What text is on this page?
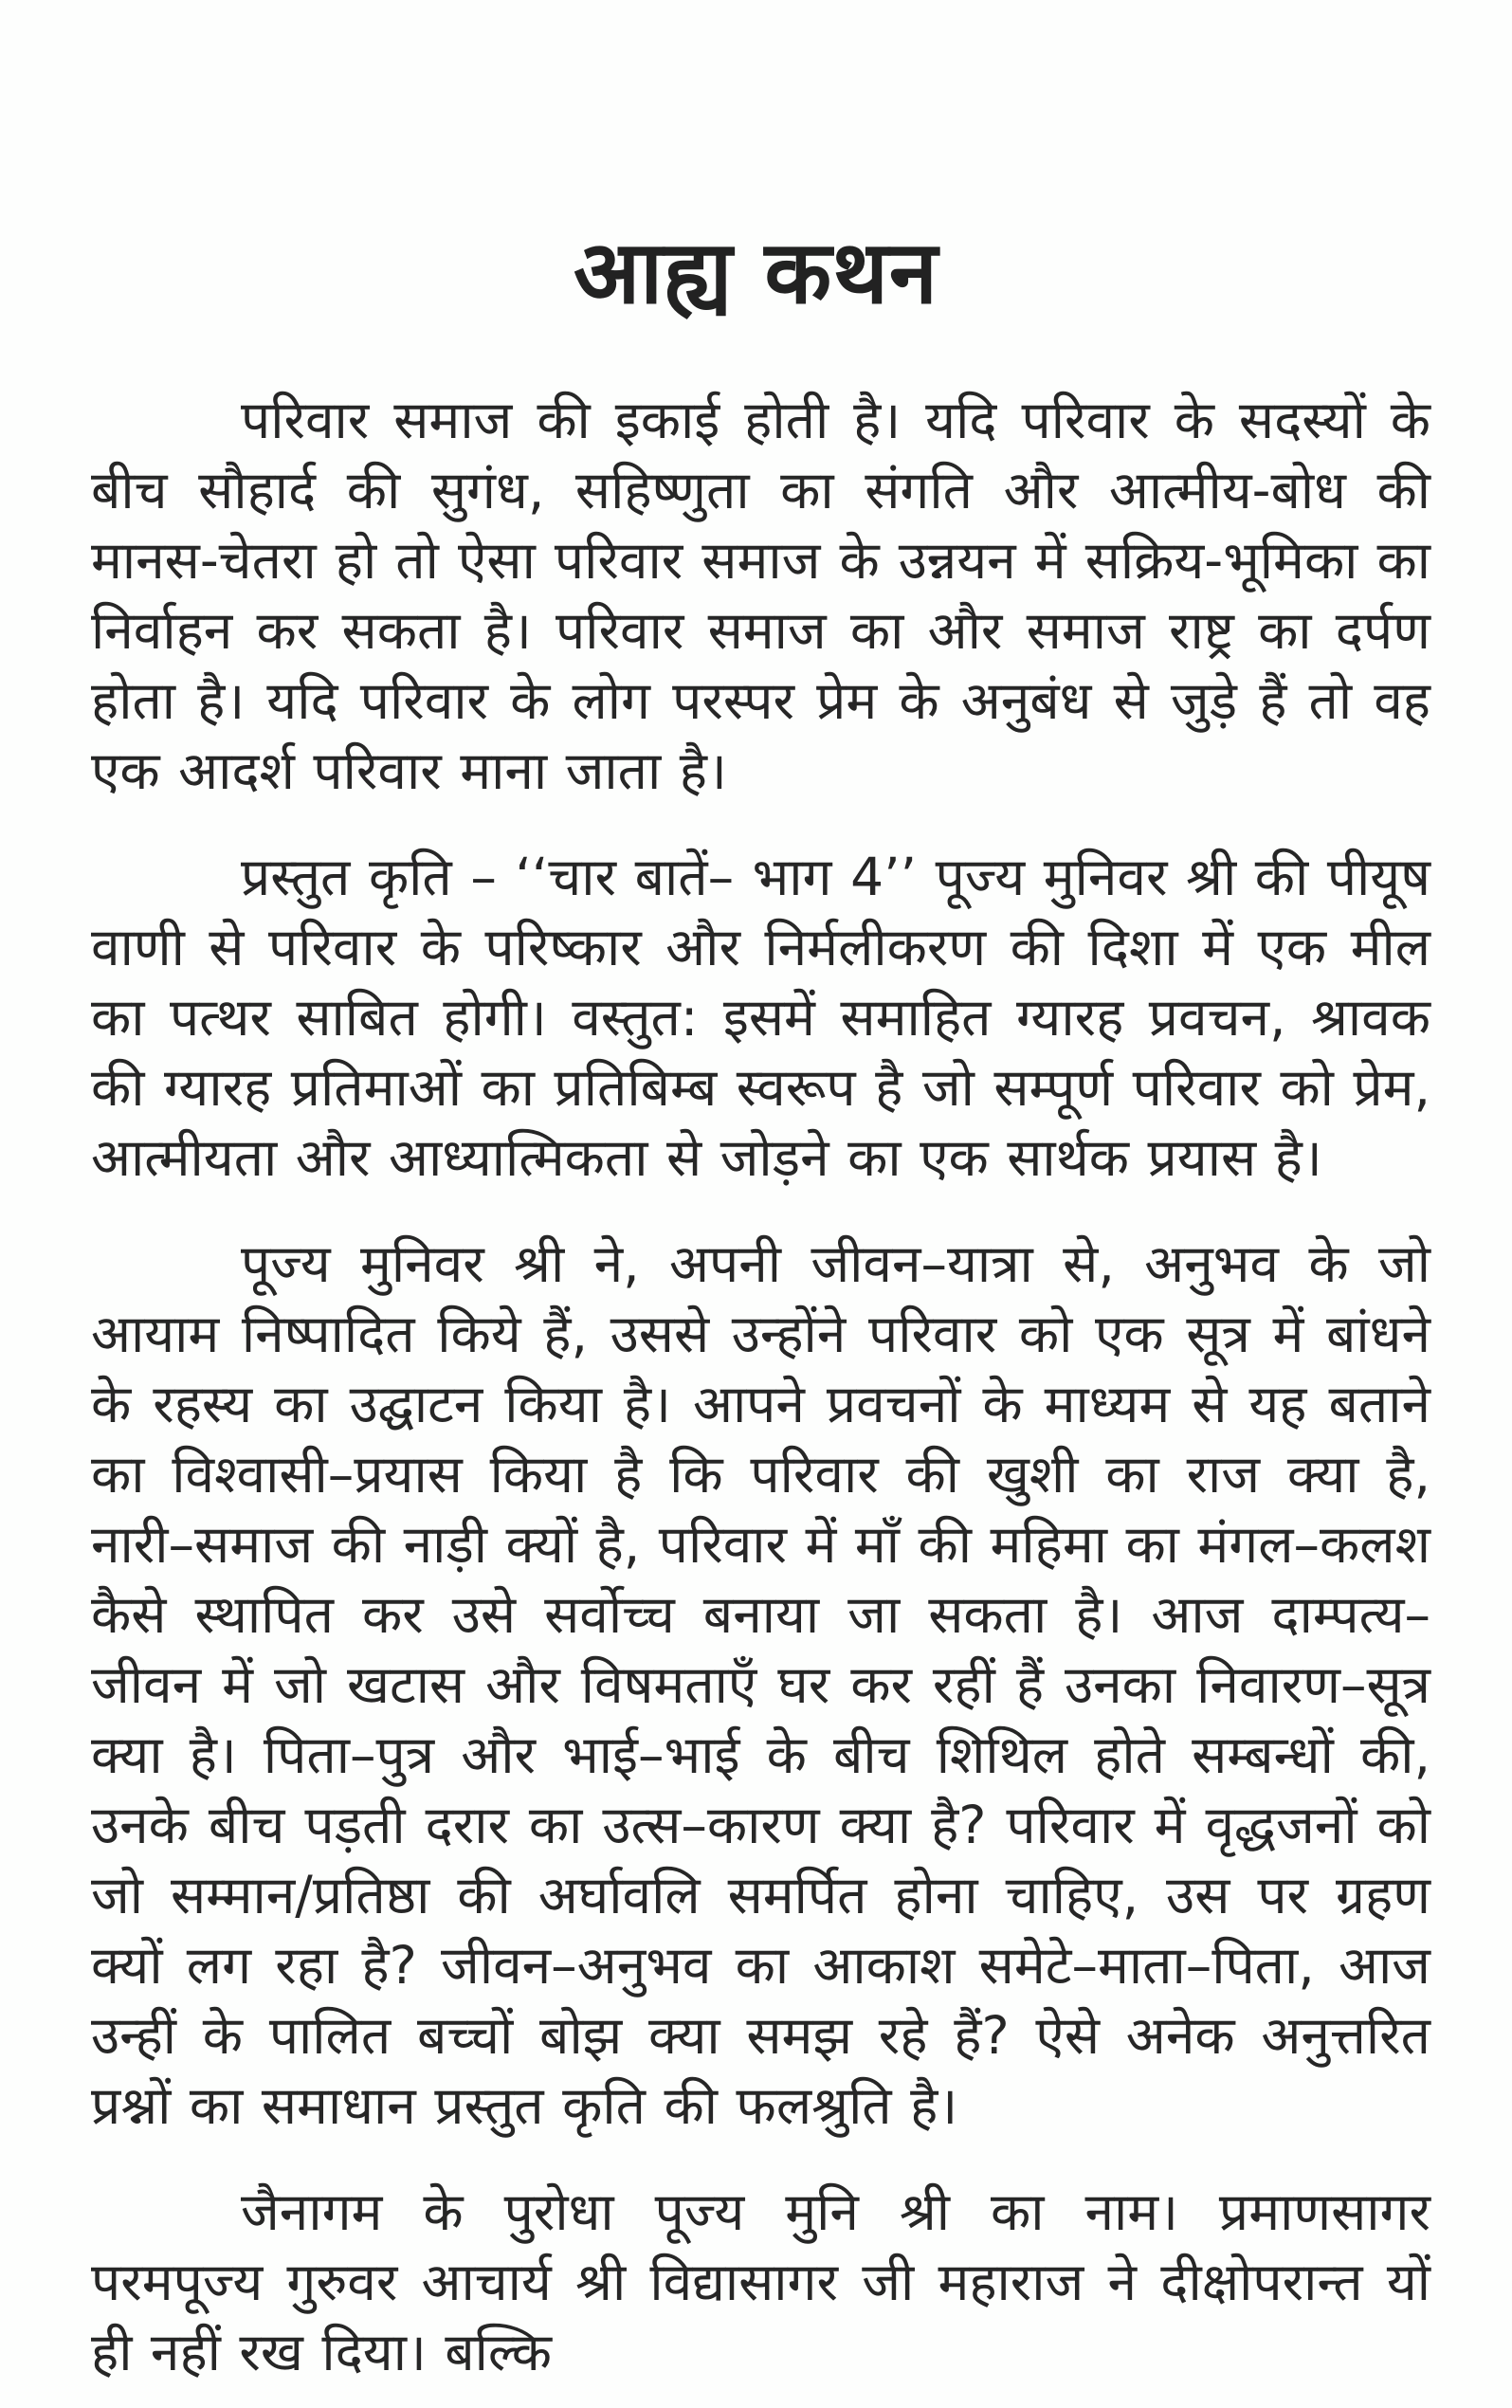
आह्य कथन

परिवार समाज की इकाई होती है। यदि परिवार के सदस्यों के बीच सौहार्द की सुगंध, सहिष्णुता का संगति और आत्मीय-बोध की मानस-चेतरा हो तो ऐसा परिवार समाज के उन्नयन में सक्रिय-भूमिका का निर्वाहन कर सकता है। परिवार समाज का और समाज राष्ट्र का दर्पण होता है। यदि परिवार के लोग परस्पर प्रेम के अनुबंध से जुड़े हैं तो वह एक आदर्श परिवार माना जाता है।

प्रस्तुत कृति – ‘‘चार बातें– भाग 4’’ पूज्य मुनिवर श्री की पीयूष वाणी से परिवार के परिष्कार और निर्मलीकरण की दिशा में एक मील का पत्थर साबित होगी। वस्तुत: इसमें समाहित ग्यारह प्रवचन, श्रावक की ग्यारह प्रतिमाओं का प्रतिबिम्ब स्वरूप है जो सम्पूर्ण परिवार को प्रेम, आत्मीयता और आध्यात्मिकता से जोड़ने का एक सार्थक प्रयास है।

पूज्य मुनिवर श्री ने, अपनी जीवन–यात्रा से, अनुभव के जो आयाम निष्पादित किये हैं, उससे उन्होंने परिवार को एक सूत्र में बांधने के रहस्य का उद्घाटन किया है। आपने प्रवचनों के माध्यम से यह बताने का विश्वासी–प्रयास किया है कि परिवार की खुशी का राज क्या है, नारी–समाज की नाड़ी क्यों है, परिवार में माँ की महिमा का मंगल–कलश कैसे स्थापित कर उसे सर्वोच्च बनाया जा सकता है। आज दाम्पत्य–जीवन में जो खटास और विषमताएँ घर कर रहीं हैं उनका निवारण–सूत्र क्या है। पिता–पुत्र और भाई–भाई के बीच शिथिल होते सम्बन्धों की, उनके बीच पड़ती दरार का उत्स–कारण क्या है? परिवार में वृद्धजनों को जो सम्मान/प्रतिष्ठा की अर्घावलि समर्पित होना चाहिए, उस पर ग्रहण क्यों लग रहा है? जीवन–अनुभव का आकाश समेटे–माता–पिता, आज उन्हीं के पालित बच्चों बोझ क्या समझ रहे हैं? ऐसे अनेक अनुत्तरित प्रश्नों का समाधान प्रस्तुत कृति की फलश्रुति है।

जैनागम के पुरोधा पूज्य मुनि श्री का नाम। प्रमाणसागर परमपूज्य गुरुवर आचार्य श्री विद्यासागर जी महाराज ने दीक्षोपरान्त यों ही नहीं रख दिया। बल्कि
